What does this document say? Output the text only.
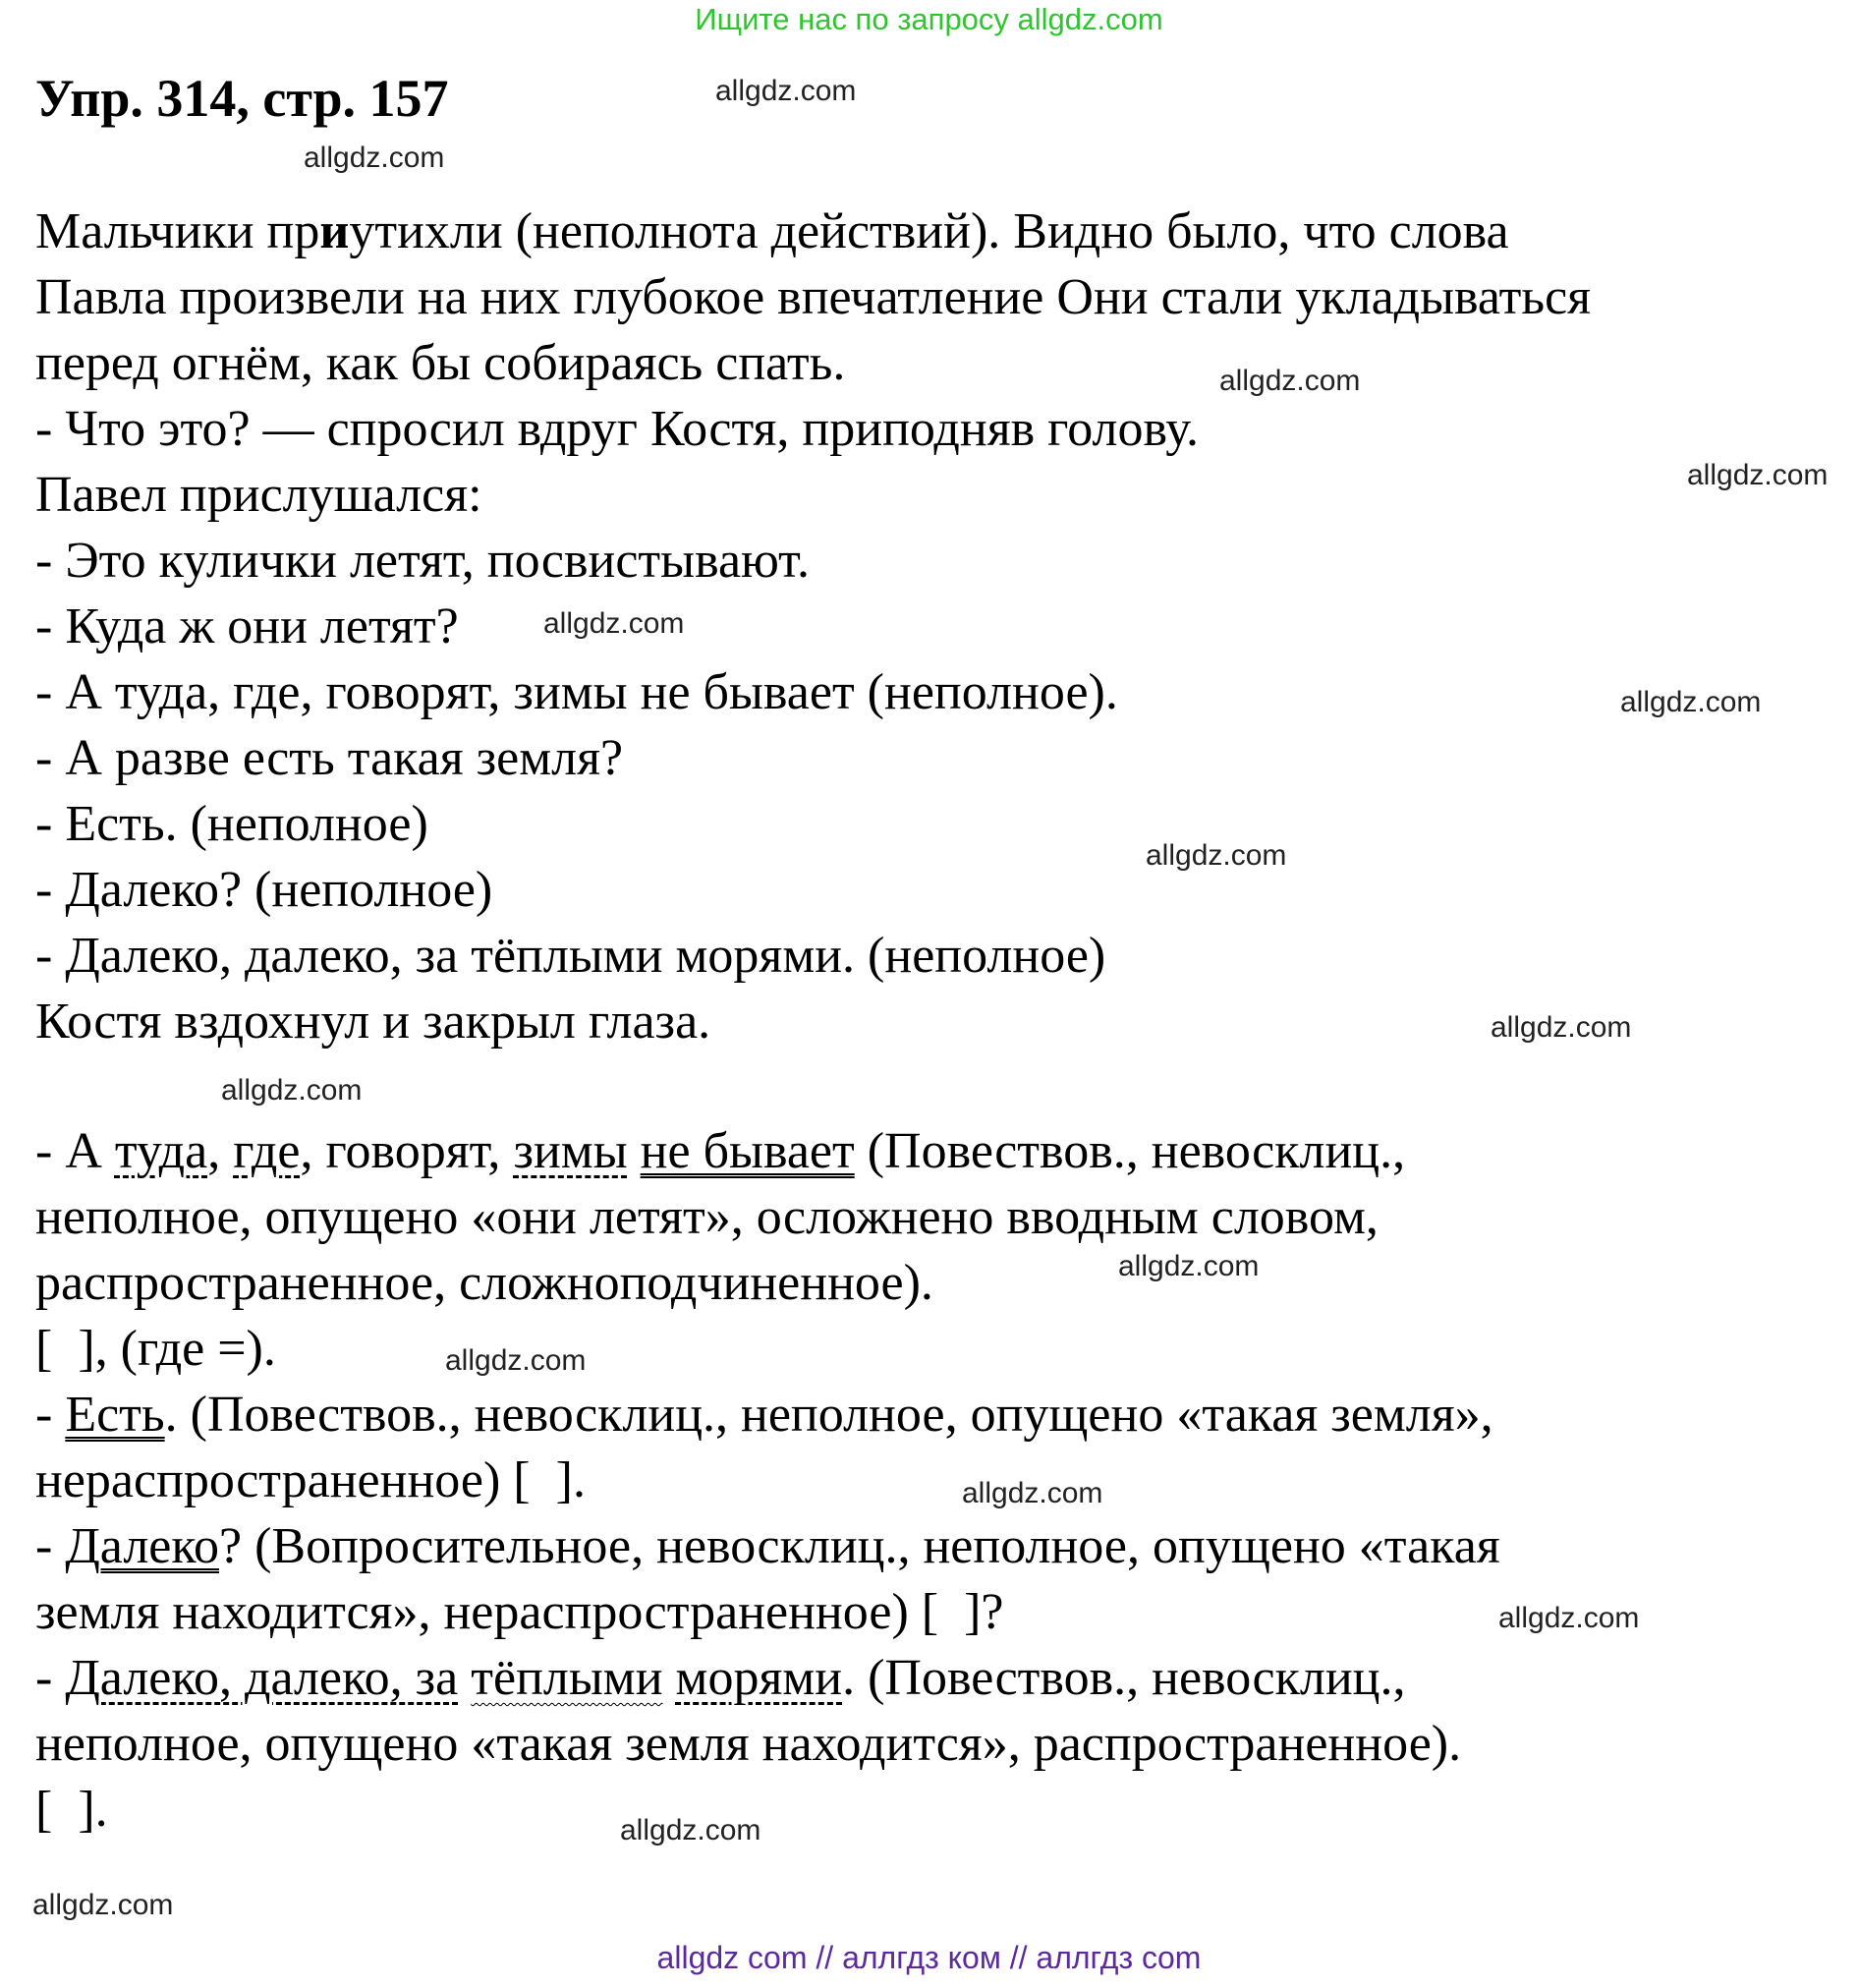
Ищите нас по запросу allgdz.com
Упр. 314, стр. 157
Мальчики приутихли (неполнота действий). Видно было, что слова
Павла произвели на них глубокое впечатление Они стали укладываться
перед огнём, как бы собираясь спать.
- Что это? — спросил вдруг Костя, приподняв голову.
Павел прислушался:
- Это кулички летят, посвистывают.
- Куда ж они летят?
- А туда, где, говорят, зимы не бывает (неполное).
- А разве есть такая земля?
- Есть. (неполное)
- Далеко? (неполное)
- Далеко, далеко, за тёплыми морями. (неполное)
Костя вздохнул и закрыл глаза.
- А туда, где, говорят, зимы не бывает (Повествов., невосклиц.,
неполное, опущено «они летят», осложнено вводным словом,
распространенное, сложноподчиненное).
[  ], (где =).
- Есть. (Повествов., невосклиц., неполное, опущено «такая земля»,
нераспространенное) [  ].
- Далеко? (Вопросительное, невосклиц., неполное, опущено «такая
земля находится», нераспространенное) [  ]?
- Далеко, далеко, за тёплыми морями. (Повествов., невосклиц.,
неполное, опущено «такая земля находится», распространенное).
[  ].
allgdz.com
allgdz.com
allgdz.com
allgdz.com
allgdz.com
allgdz.com
allgdz.com
allgdz.com
allgdz.com
allgdz.com
allgdz.com
allgdz.com
allgdz.com
allgdz.com
allgdz.com
allgdz com // аллгдз ком // аллгдз com
